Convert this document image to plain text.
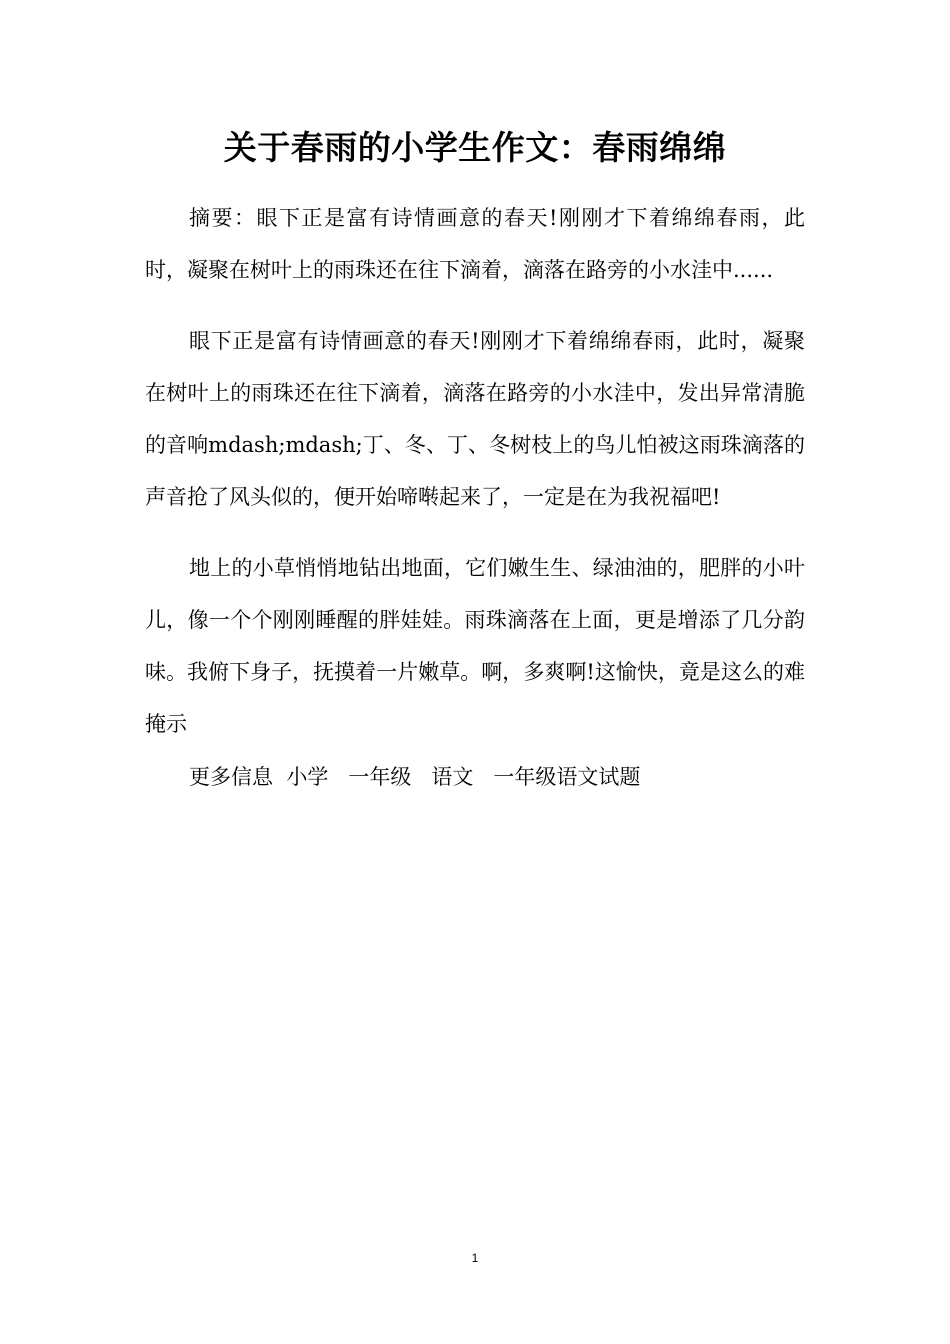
关于春雨的小学生作文：春雨绵绵

摘要：眼下正是富有诗情画意的春天!刚刚才下着绵绵春雨，此时，凝聚在树叶上的雨珠还在往下滴着，滴落在路旁的小水洼中......

眼下正是富有诗情画意的春天!刚刚才下着绵绵春雨，此时，凝聚在树叶上的雨珠还在往下滴着，滴落在路旁的小水洼中，发出异常清脆的音响mdash;mdash;丁、冬、丁、冬树枝上的鸟儿怕被这雨珠滴落的声音抢了风头似的，便开始啼啭起来了，一定是在为我祝福吧!

地上的小草悄悄地钻出地面，它们嫩生生、绿油油的，肥胖的小叶儿，像一个个刚刚睡醒的胖娃娃。雨珠滴落在上面，更是增添了几分韵味。我俯下身子，抚摸着一片嫩草。啊，多爽啊!这愉快，竟是这么的难掩示

更多信息  小学   一年级   语文   一年级语文试题

1
